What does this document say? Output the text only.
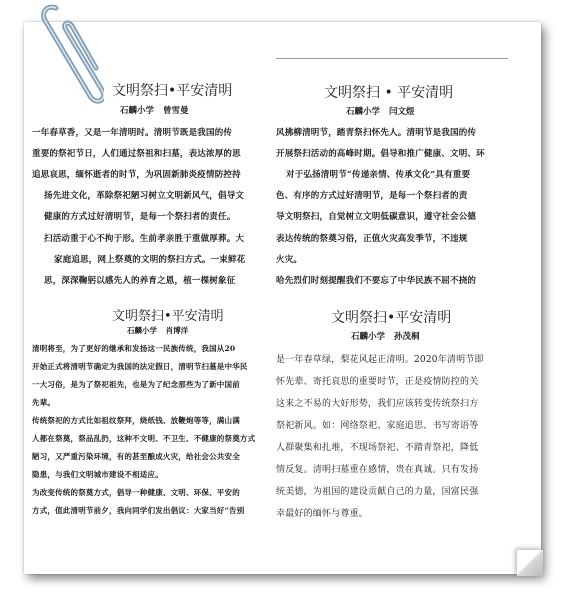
文明祭扫•平安清明
石麟小学 曾雪曼
一年春草香，又是一年清明时。清明节既是我国的传
重要的祭祀节日，人们通过祭祖和扫墓，表达浓厚的思
追思哀思，缅怀逝者的时节，为巩固新肺炎疫情防控持
扬先进文化，革除祭祀陋习树立文明新风气，倡导文
健康的方式过好清明节，是每一个祭扫者的责任。
扫活动重于心不拘于形。生前孝亲胜于重做厚葬。大
家庭追思，网上祭奠的文明的祭扫方式。一束鲜花
思，深深鞠躬以感先人的养育之恩，植一棵树象征
文明祭扫 • 平安清明
石麟小学 闫文煜
风拂柳清明节，踏青祭扫怀先人。清明节是我国的传
开展祭扫活动的高峰时期。倡导和推广健康、文明、环
对于弘扬清明节“传递亲情、传承文化”具有重要
色、有序的方式过好清明节，是每一个祭扫者的责
导文明祭扫，自觉树立文明低碳意识，遵守社会公德
表达传统的祭奠习俗，正值火灾高发季节，不违规
火灾。
哈先烈们时刻提醒我们不要忘了中华民族不屈不挠的
文明祭扫•平安清明
石麟小学 肖博洋
清明将至，为了更好的继承和发扬这一民族传统，我国从20
开始正式将清明节确定为我国的法定假日，清明节扫墓是中华民
一大习俗，是为了祭祀祖先，也是为了纪念那些为了新中国前
先辈。
传统祭祀的方式比如祖纹祭拜，烧纸钱、放鞭炮等等，满山满
人都在祭奠，祭品乱扔，这种不文明、不卫生、不健康的祭奠方式
陋习，又严重污染环境，有的甚至酿成火灾，给社会公共安全
隐患，与我们文明城市建设不相适应。
为改变传统的祭奠方式，倡导一种健康、文明、环保、平安的
方式，值此清明节前夕，我向同学们发出倡议：大家当好“告别
文明祭扫•平安清明
石麟小学 孙茂桐
是一年春草绿，梨花风起正清明。2020年清明节即
怀先辈、寄托哀思的重要时节，正是疫情防控的关
这来之不易的大好形势，我们应该转变传统祭扫方
祭祀新风。如：网络祭祀、家庭追思、书写寄语等
人群聚集和扎堆，不现场祭祀、不踏青祭祀，降低
情反复。清明扫墓重在感情，贵在真诚。只有发扬
统美德，为祖国的建设贡献自己的力量，国富民强
幸最好的缅怀与尊重。
